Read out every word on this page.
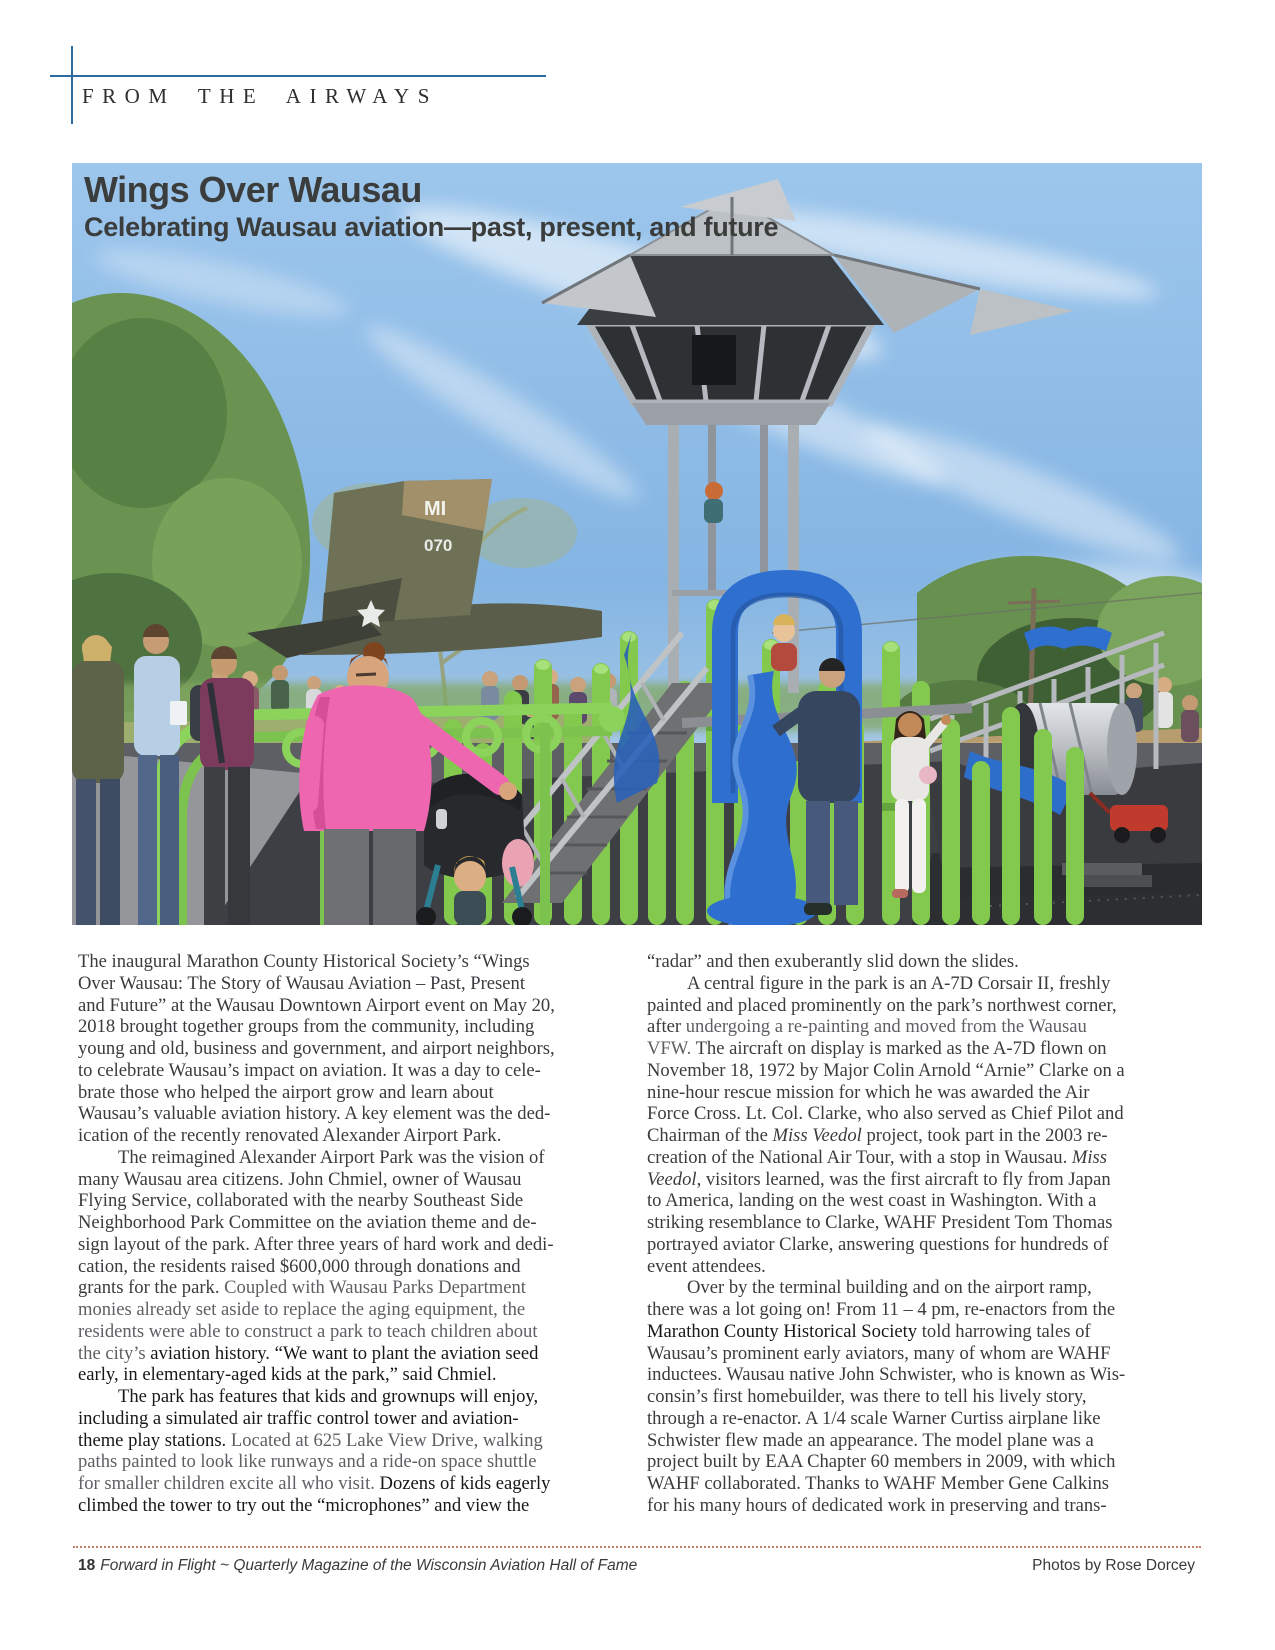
FROM THE AIRWAYS
MI
070
Wings Over Wausau
Celebrating Wausau aviation—past, present, and future
The inaugural Marathon County Historical Society’s “Wings
Over Wausau: The Story of Wausau Aviation – Past, Present
and Future” at the Wausau Downtown Airport event on May 20,
2018 brought together groups from the community, including
young and old, business and government, and airport neighbors,
to celebrate Wausau’s impact on aviation. It was a day to cele-
brate those who helped the airport grow and learn about
Wausau’s valuable aviation history. A key element was the ded-
ication of the recently renovated Alexander Airport Park.
The reimagined Alexander Airport Park was the vision of
many Wausau area citizens. John Chmiel, owner of Wausau
Flying Service, collaborated with the nearby Southeast Side
Neighborhood Park Committee on the aviation theme and de-
sign layout of the park. After three years of hard work and dedi-
cation, the residents raised $600,000 through donations and
grants for the park. Coupled with Wausau Parks Department
monies already set aside to replace the aging equipment, the
residents were able to construct a park to teach children about
the city’s aviation history. “We want to plant the aviation seed
early, in elementary-aged kids at the park,” said Chmiel.
The park has features that kids and grownups will enjoy,
including a simulated air traffic control tower and aviation-
theme play stations. Located at 625 Lake View Drive, walking
paths painted to look like runways and a ride-on space shuttle
for smaller children excite all who visit. Dozens of kids eagerly
climbed the tower to try out the “microphones” and view the
“radar” and then exuberantly slid down the slides.
A central figure in the park is an A-7D Corsair II, freshly
painted and placed prominently on the park’s northwest corner,
after undergoing a re-painting and moved from the Wausau
VFW. The aircraft on display is marked as the A-7D flown on
November 18, 1972 by Major Colin Arnold “Arnie” Clarke on a
nine-hour rescue mission for which he was awarded the Air
Force Cross. Lt. Col. Clarke, who also served as Chief Pilot and
Chairman of the Miss Veedol project, took part in the 2003 re-
creation of the National Air Tour, with a stop in Wausau. Miss
Veedol, visitors learned, was the first aircraft to fly from Japan
to America, landing on the west coast in Washington. With a
striking resemblance to Clarke, WAHF President Tom Thomas
portrayed aviator Clarke, answering questions for hundreds of
event attendees.
Over by the terminal building and on the airport ramp,
there was a lot going on! From 11 – 4 pm, re-enactors from the
Marathon County Historical Society told harrowing tales of
Wausau’s prominent early aviators, many of whom are WAHF
inductees. Wausau native John Schwister, who is known as Wis-
consin’s first homebuilder, was there to tell his lively story,
through a re-enactor. A 1/4 scale Warner Curtiss airplane like
Schwister flew made an appearance. The model plane was a
project built by EAA Chapter 60 members in 2009, with which
WAHF collaborated. Thanks to WAHF Member Gene Calkins
for his many hours of dedicated work in preserving and trans-
18 Forward in Flight ~ Quarterly Magazine of the Wisconsin Aviation Hall of Fame	Photos by Rose Dorcey
